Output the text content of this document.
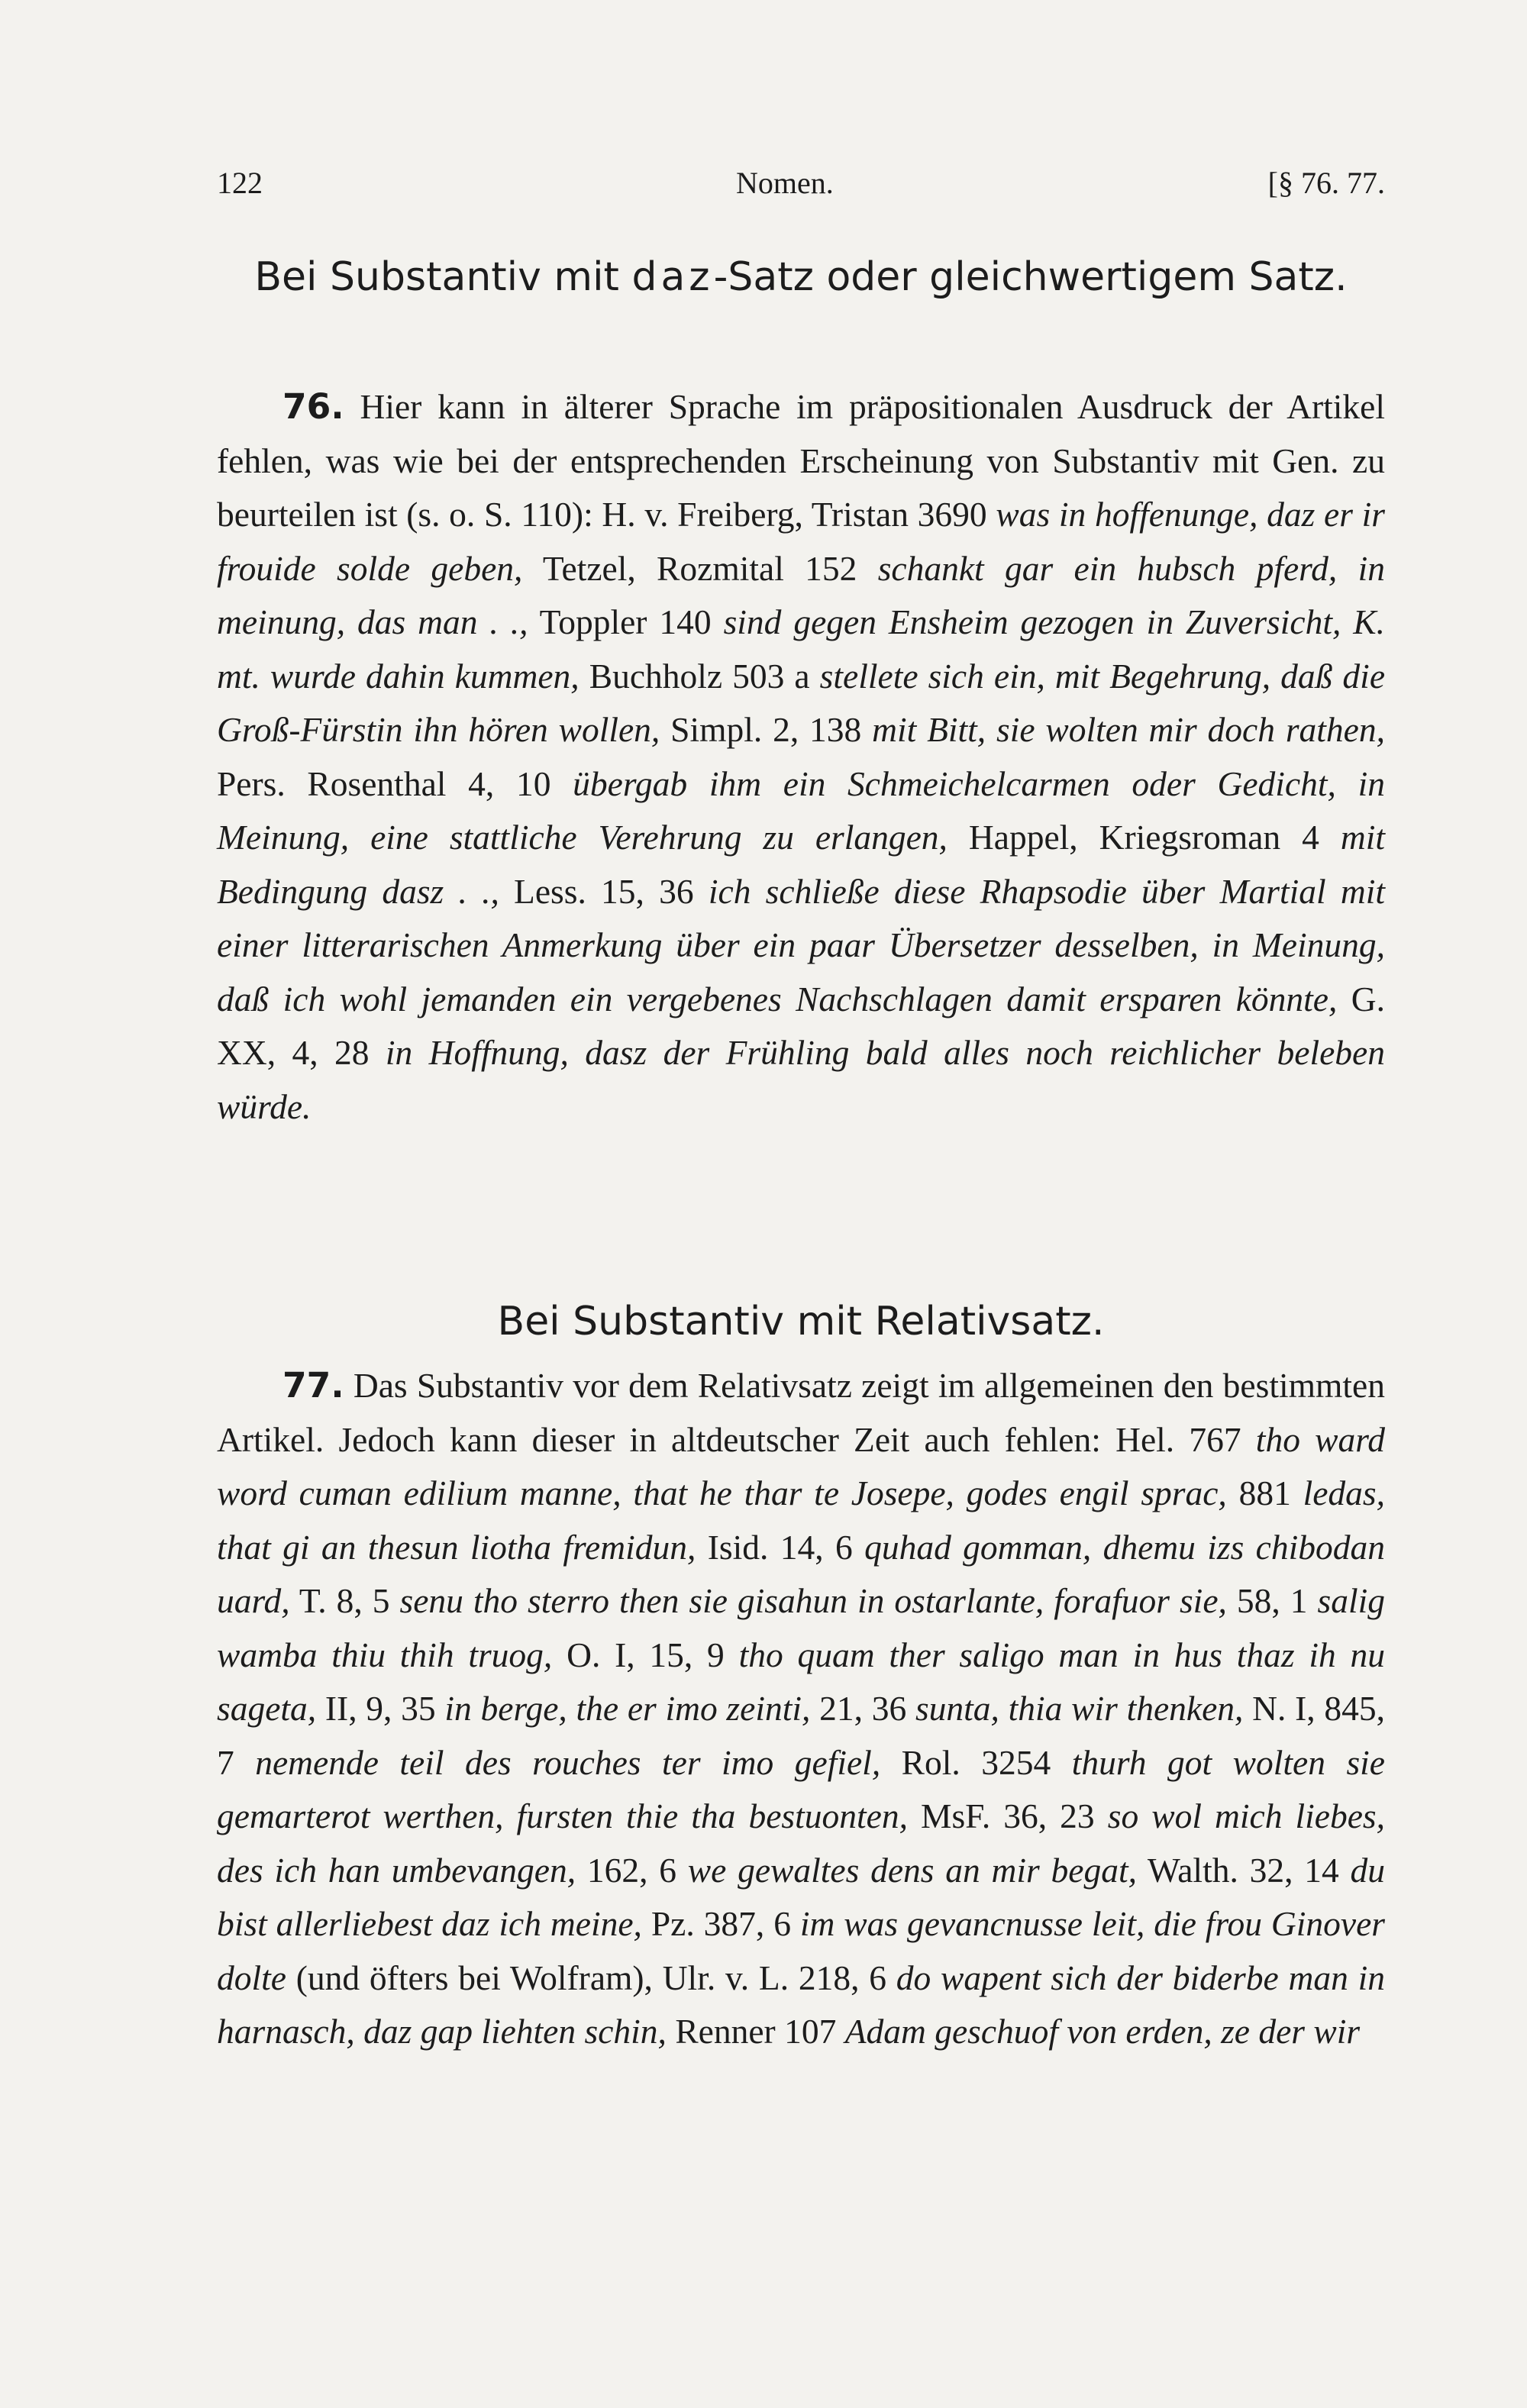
122	Nomen.	[§ 76. 77.
Bei Substantiv mit daz-Satz oder gleichwertigem Satz.

76. Hier kann in älterer Sprache im präpositionalen Ausdruck der Artikel fehlen, was wie bei der entsprechenden Erscheinung von Substantiv mit Gen. zu beurteilen ist (s. o. S. 110): H. v. Freiberg, Tristan 3690 was in hoffenunge, daz er ir frouide solde geben, Tetzel, Rozmital 152 schankt gar ein hubsch pferd, in meinung, das man . ., Toppler 140 sind gegen Ensheim gezogen in Zuversicht, K. mt. wurde dahin kummen, Buchholz 503 a stellete sich ein, mit Begehrung, daß die Groß-Fürstin ihn hören wollen, Simpl. 2, 138 mit Bitt, sie wolten mir doch rathen, Pers. Rosenthal 4, 10 übergab ihm ein Schmeichelcarmen oder Gedicht, in Meinung, eine stattliche Verehrung zu erlangen, Happel, Kriegsroman 4 mit Bedingung dasz . ., Less. 15, 36 ich schließe diese Rhapsodie über Martial mit einer litterarischen Anmerkung über ein paar Übersetzer desselben, in Meinung, daß ich wohl jemanden ein vergebenes Nachschlagen damit ersparen könnte, G. XX, 4, 28 in Hoffnung, dasz der Frühling bald alles noch reichlicher beleben würde.

Bei Substantiv mit Relativsatz.

77. Das Substantiv vor dem Relativsatz zeigt im allgemeinen den bestimmten Artikel. Jedoch kann dieser in altdeutscher Zeit auch fehlen: Hel. 767 tho ward word cuman edilium manne, that he thar te Josepe, godes engil sprac, 881 ledas, that gi an thesun liotha fremidun, Isid. 14, 6 quhad gomman, dhemu izs chibodan uard, T. 8, 5 senu tho sterro then sie gisahun in ostarlante, forafuor sie, 58, 1 salig wamba thiu thih truog, O. I, 15, 9 tho quam ther saligo man in hus thaz ih nu sageta, II, 9, 35 in berge, the er imo zeinti, 21, 36 sunta, thia wir thenken, N. I, 845, 7 nemende teil des rouches ter imo gefiel, Rol. 3254 thurh got wolten sie gemarterot werthen, fursten thie tha bestuonten, MsF. 36, 23 so wol mich liebes, des ich han umbevangen, 162, 6 we gewaltes dens an mir begat, Walth. 32, 14 du bist allerliebest daz ich meine, Pz. 387, 6 im was gevancnusse leit, die frou Ginover dolte (und öfters bei Wolfram), Ulr. v. L. 218, 6 do wapent sich der biderbe man in harnasch, daz gap liehten schin, Renner 107 Adam geschuof von erden, ze der wir
